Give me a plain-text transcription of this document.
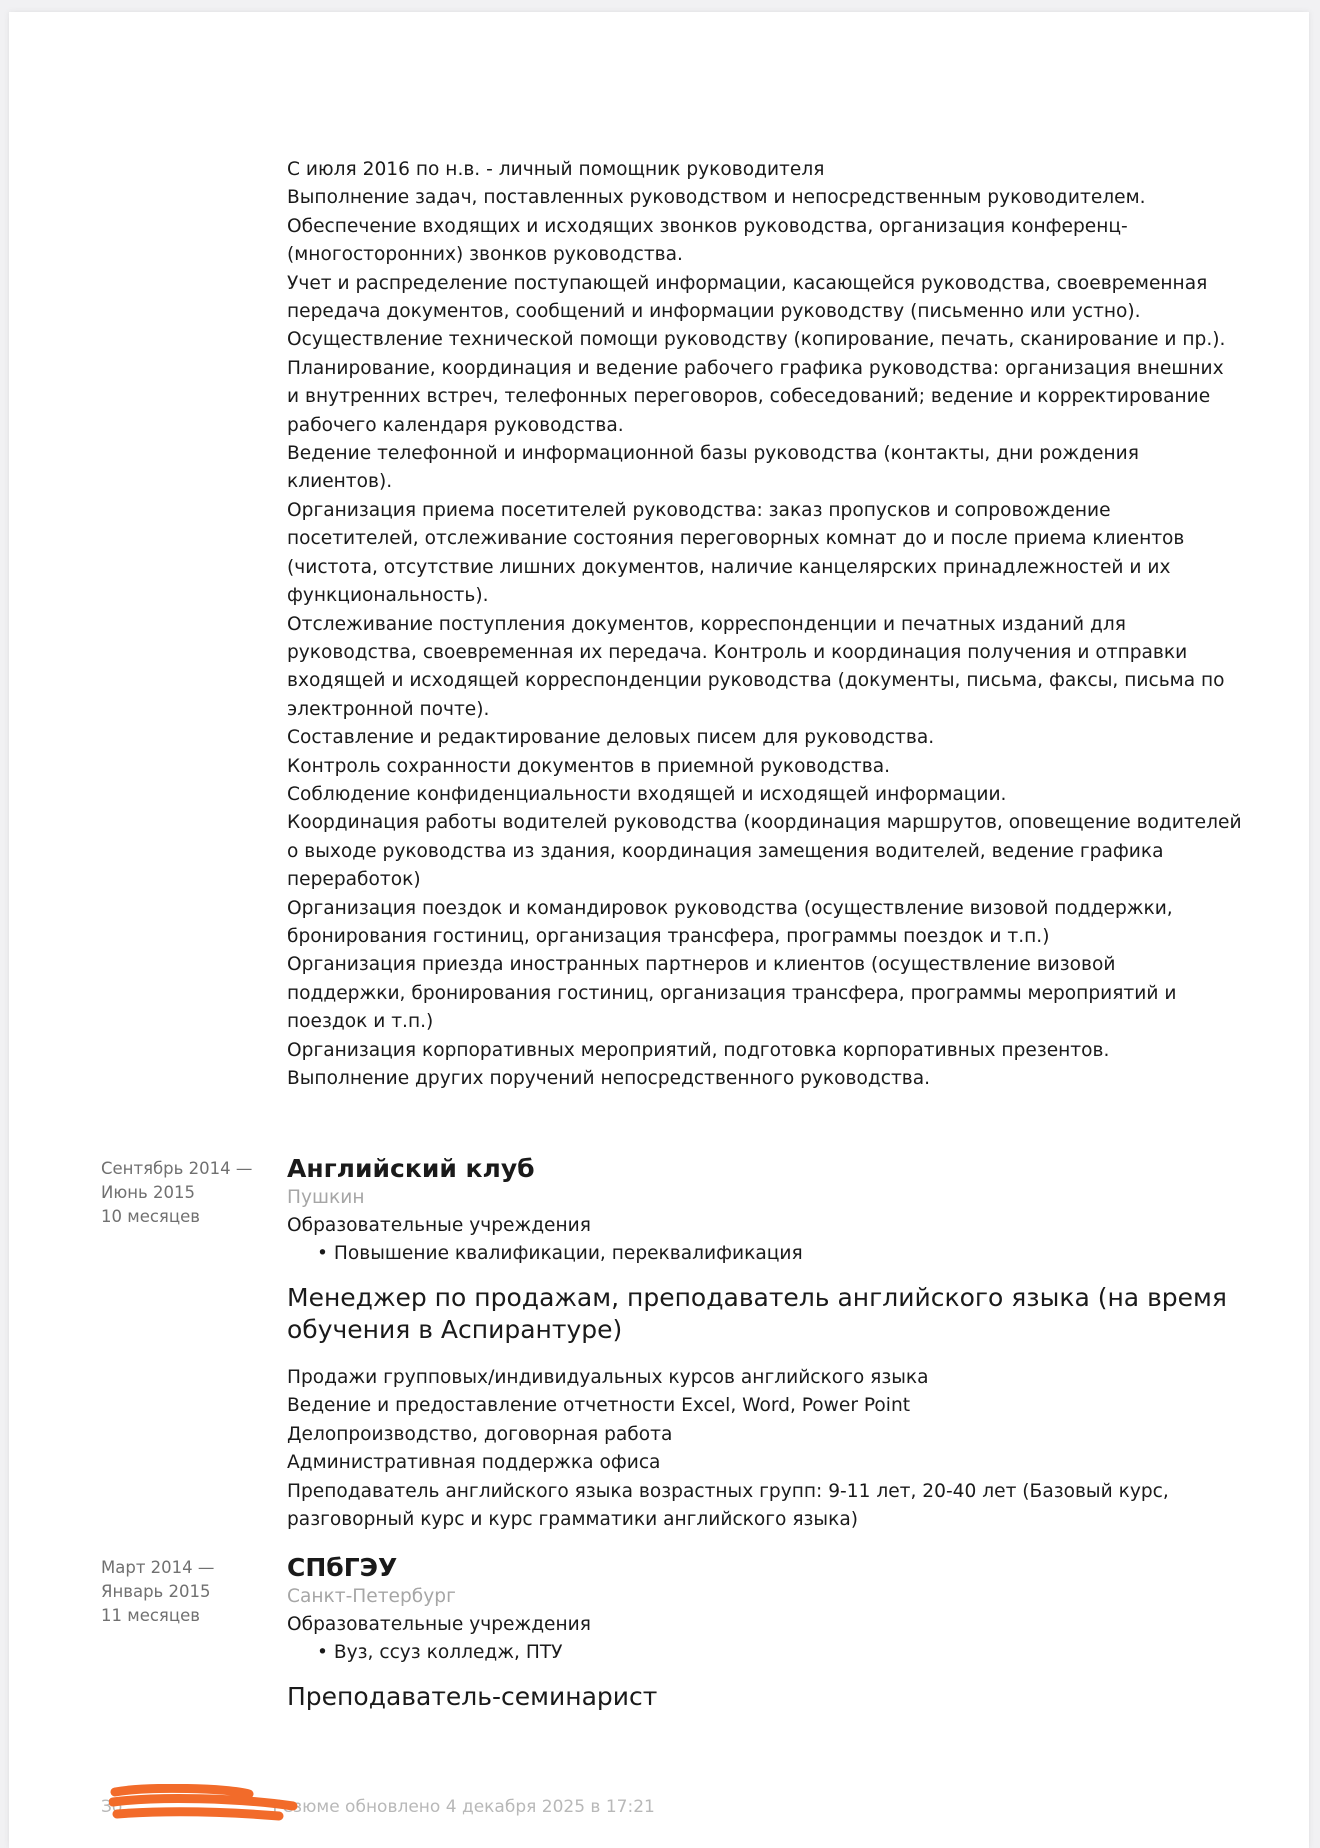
С июля 2016 по н.в. - личный помощник руководителя
Выполнение задач, поставленных руководством и непосредственным руководителем.
Обеспечение входящих и исходящих звонков руководства, организация конференц-
(многосторонних) звонков руководства.
Учет и распределение поступающей информации, касающейся руководства, своевременная
передача документов, сообщений и информации руководству (письменно или устно).
Осуществление технической помощи руководству (копирование, печать, сканирование и пр.).
Планирование, координация и ведение рабочего графика руководства: организация внешних
и внутренних встреч, телефонных переговоров, собеседований; ведение и корректирование
рабочего календаря руководства.
Ведение телефонной и информационной базы руководства (контакты, дни рождения
клиентов).
Организация приема посетителей руководства: заказ пропусков и сопровождение
посетителей, отслеживание состояния переговорных комнат до и после приема клиентов
(чистота, отсутствие лишних документов, наличие канцелярских принадлежностей и их
функциональность).
Отслеживание поступления документов, корреспонденции и печатных изданий для
руководства, своевременная их передача. Контроль и координация получения и отправки
входящей и исходящей корреспонденции руководства (документы, письма, факсы, письма по
электронной почте).
Составление и редактирование деловых писем для руководства.
Контроль сохранности документов в приемной руководства.
Соблюдение конфиденциальности входящей и исходящей информации.
Координация работы водителей руководства (координация маршрутов, оповещение водителей
о выходе руководства из здания, координация замещения водителей, ведение графика
переработок)
Организация поездок и командировок руководства (осуществление визовой поддержки,
бронирования гостиниц, организация трансфера, программы поездок и т.п.)
Организация приезда иностранных партнеров и клиентов (осуществление визовой
поддержки, бронирования гостиниц, организация трансфера, программы мероприятий и
поездок и т.п.)
Организация корпоративных мероприятий, подготовка корпоративных презентов.
Выполнение других поручений непосредственного руководства.

Сентябрь 2014 —
Июнь 2015
10 месяцев
Английский клуб
Пушкин
Образовательные учреждения
• Повышение квалификации, переквалификация
Менеджер по продажам, преподаватель английского языка (на время
обучения в Аспирантуре)
Продажи групповых/индивидуальных курсов английского языка
Ведение и предоставление отчетности Excel, Word, Power Point
Делопроизводство, договорная работа
Административная поддержка офиса
Преподаватель английского языка возрастных групп: 9-11 лет, 20-40 лет (Базовый курс,
разговорный курс и курс грамматики английского языка)
Март 2014 —
Январь 2015
11 месяцев
СПбГЭУ
Санкт-Петербург
Образовательные учреждения
• Вуз, ссуз колледж, ПТУ
Преподаватель-семинарист
Зо	Резюме обновлено 4 декабря 2025 в 17:21
